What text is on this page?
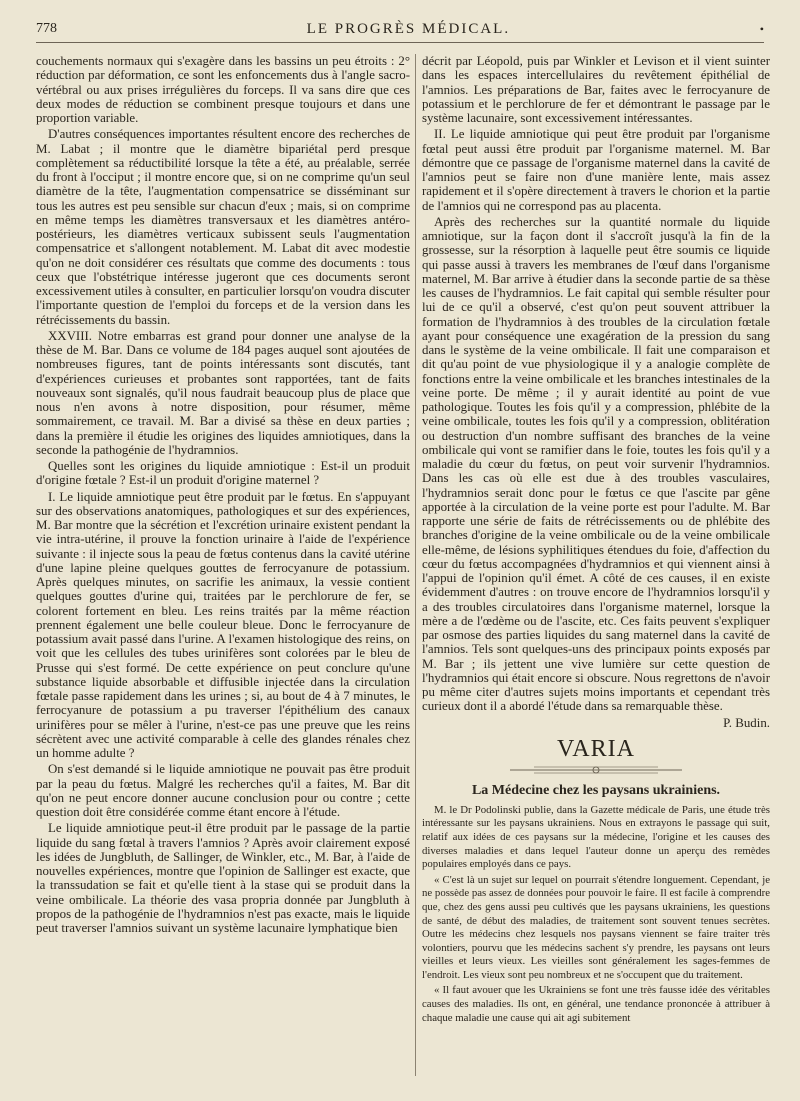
778	LE PROGRÈS MÉDICAL.	•

couchements normaux qui s'exagère dans les bassins un peu étroits : 2° réduction par déformation, ce sont les enfoncements dus à l'angle sacro-vértébral ou aux prises irrégulières du forceps. Il va sans dire que ces deux modes de réduction se combinent presque toujours et dans une proportion variable.

D'autres conséquences importantes résultent encore des recherches de M. Labat ; il montre que le diamètre bipariétal perd presque complètement sa réductibilité lorsque la tête a été, au préalable, serrée du front à l'occiput ; il montre encore que, si on ne comprime qu'un seul diamètre de la tête, l'augmentation compensatrice se disséminant sur tous les autres est peu sensible sur chacun d'eux ; mais, si on comprime en même temps les diamètres transversaux et les diamètres antéro-postérieurs, les diamètres verticaux subissent seuls l'augmentation compensatrice et s'allongent notablement. M. Labat dit avec modestie qu'on ne doit considérer ces résultats que comme des documents : tous ceux que l'obstétrique intéresse jugeront que ces documents seront excessivement utiles à consulter, en particulier lorsqu'on voudra discuter l'importante question de l'emploi du forceps et de la version dans les rétrécissements du bassin.

XXVIII. Notre embarras est grand pour donner une analyse de la thèse de M. Bar. Dans ce volume de 184 pages auquel sont ajoutées de nombreuses figures, tant de points intéressants sont discutés, tant d'expériences curieuses et probantes sont rapportées, tant de faits nouveaux sont signalés, qu'il nous faudrait beaucoup plus de place que nous n'en avons à notre disposition, pour résumer, même sommairement, ce travail. M. Bar a divisé sa thèse en deux parties ; dans la première il étudie les origines des liquides amniotiques, dans la seconde la pathogénie de l'hydramnios.

Quelles sont les origines du liquide amniotique : Est-il un produit d'origine fœtale ? Est-il un produit d'origine maternel ?

I. Le liquide amniotique peut être produit par le fœtus. En s'appuyant sur des observations anatomiques, pathologiques et sur des expériences, M. Bar montre que la sécrétion et l'excrétion urinaire existent pendant la vie intra-utérine, il prouve la fonction urinaire à l'aide de l'expérience suivante : il injecte sous la peau de fœtus contenus dans la cavité utérine d'une lapine pleine quelques gouttes de ferrocyanure de potassium. Après quelques minutes, on sacrifie les animaux, la vessie contient quelques gouttes d'urine qui, traitées par le perchlorure de fer, se colorent fortement en bleu. Les reins traités par la même réaction prennent également une belle couleur bleue. Donc le ferrocyanure de potassium avait passé dans l'urine. A l'examen histologique des reins, on voit que les cellules des tubes urinifères sont colorées par le bleu de Prusse qui s'est formé. De cette expérience on peut conclure qu'une substance liquide absorbable et diffusible injectée dans la circulation fœtale passe rapidement dans les urines ; si, au bout de 4 à 7 minutes, le ferrocyanure de potassium a pu traverser l'épithélium des canaux urinifères pour se mêler à l'urine, n'est-ce pas une preuve que les reins sécrètent avec une activité comparable à celle des glandes rénales chez un homme adulte ?

On s'est demandé si le liquide amniotique ne pouvait pas être produit par la peau du fœtus. Malgré les recherches qu'il a faites, M. Bar dit qu'on ne peut encore donner aucune conclusion pour ou contre ; cette question doit être considérée comme étant encore à l'étude.

Le liquide amniotique peut-il être produit par le passage de la partie liquide du sang fœtal à travers l'amnios ? Après avoir clairement exposé les idées de Jungbluth, de Sallinger, de Winkler, etc., M. Bar, à l'aide de nouvelles expériences, montre que l'opinion de Sallinger est exacte, que la transsudation se fait et qu'elle tient à la stase qui se produit dans la veine ombilicale. La théorie des vasa propria donnée par Jungbluth à propos de la pathogénie de l'hydramnios n'est pas exacte, mais le liquide peut traverser l'amnios suivant un système lacunaire lymphatique bien

décrit par Léopold, puis par Winkler et Levison et il vient suinter dans les espaces intercellulaires du revêtement épithélial de l'amnios. Les préparations de Bar, faites avec le ferrocyanure de potassium et le perchlorure de fer et démontrant le passage par le système lacunaire, sont excessivement intéressantes.

II. Le liquide amniotique qui peut être produit par l'organisme fœtal peut aussi être produit par l'organisme maternel. M. Bar démontre que ce passage de l'organisme maternel dans la cavité de l'amnios peut se faire non d'une manière lente, mais assez rapidement et il s'opère directement à travers le chorion et la partie de l'amnios qui ne correspond pas au placenta.

Après des recherches sur la quantité normale du liquide amniotique, sur la façon dont il s'accroît jusqu'à la fin de la grossesse, sur la résorption à laquelle peut être soumis ce liquide qui passe aussi à travers les membranes de l'œuf dans l'organisme maternel, M. Bar arrive à étudier dans la seconde partie de sa thèse les causes de l'hydramnios. Le fait capital qui semble résulter pour lui de ce qu'il a observé, c'est qu'on peut souvent attribuer la formation de l'hydramnios à des troubles de la circulation fœtale ayant pour conséquence une exagération de la pression du sang dans le système de la veine ombilicale. Il fait une comparaison et dit qu'au point de vue physiologique il y a analogie complète de fonctions entre la veine ombilicale et les branches intestinales de la veine porte. De même ; il y aurait identité au point de vue pathologique. Toutes les fois qu'il y a compression, phlébite de la veine ombilicale, toutes les fois qu'il y a compression, oblitération ou destruction d'un nombre suffisant des branches de la veine ombilicale qui vont se ramifier dans le foie, toutes les fois qu'il y a maladie du cœur du fœtus, on peut voir survenir l'hydramnios. Dans les cas où elle est due à des troubles vasculaires, l'hydramnios serait donc pour le fœtus ce que l'ascite par gêne apportée à la circulation de la veine porte est pour l'adulte. M. Bar rapporte une série de faits de rétrécissements ou de phlébite des branches d'origine de la veine ombilicale ou de la veine ombilicale elle-même, de lésions syphilitiques étendues du foie, d'affection du cœur du fœtus accompagnées d'hydramnios et qui viennent ainsi à l'appui de l'opinion qu'il émet. A côté de ces causes, il en existe évidemment d'autres : on trouve encore de l'hydramnios lorsqu'il y a des troubles circulatoires dans l'organisme maternel, lorsque la mère a de l'œdème ou de l'ascite, etc. Ces faits peuvent s'expliquer par osmose des parties liquides du sang maternel dans la cavité de l'amnios. Tels sont quelques-uns des principaux points exposés par M. Bar ; ils jettent une vive lumière sur cette question de l'hydramnios qui était encore si obscure. Nous regrettons de n'avoir pu même citer d'autres sujets moins importants et cependant très curieux dont il a abordé l'étude dans sa remarquable thèse.

P. Budin.

VARIA
La Médecine chez les paysans ukrainiens.

M. le Dr Podolinski publie, dans la Gazette médicale de Paris, une étude très intéressante sur les paysans ukrainiens. Nous en extrayons le passage qui suit, relatif aux idées de ces paysans sur la médecine, l'origine et les causes des diverses maladies et dans lequel l'auteur donne un aperçu des remèdes populaires employés dans ce pays.

« C'est là un sujet sur lequel on pourrait s'étendre longuement. Cependant, je ne possède pas assez de données pour pouvoir le faire. Il est facile à comprendre que, chez des gens aussi peu cultivés que les paysans ukrainiens, les questions de santé, de début des maladies, de traitement sont souvent tenues secrètes. Outre les médecins chez lesquels nos paysans viennent se faire traiter très volontiers, pourvu que les médecins sachent s'y prendre, les paysans ont leurs vieilles et leurs vieux. Les vieilles sont généralement les sages-femmes de l'endroit. Les vieux sont peu nombreux et ne s'occupent que du traitement.

« Il faut avouer que les Ukrainiens se font une très fausse idée des véritables causes des maladies. Ils ont, en général, une tendance prononcée à attribuer à chaque maladie une cause qui ait agi subitement
